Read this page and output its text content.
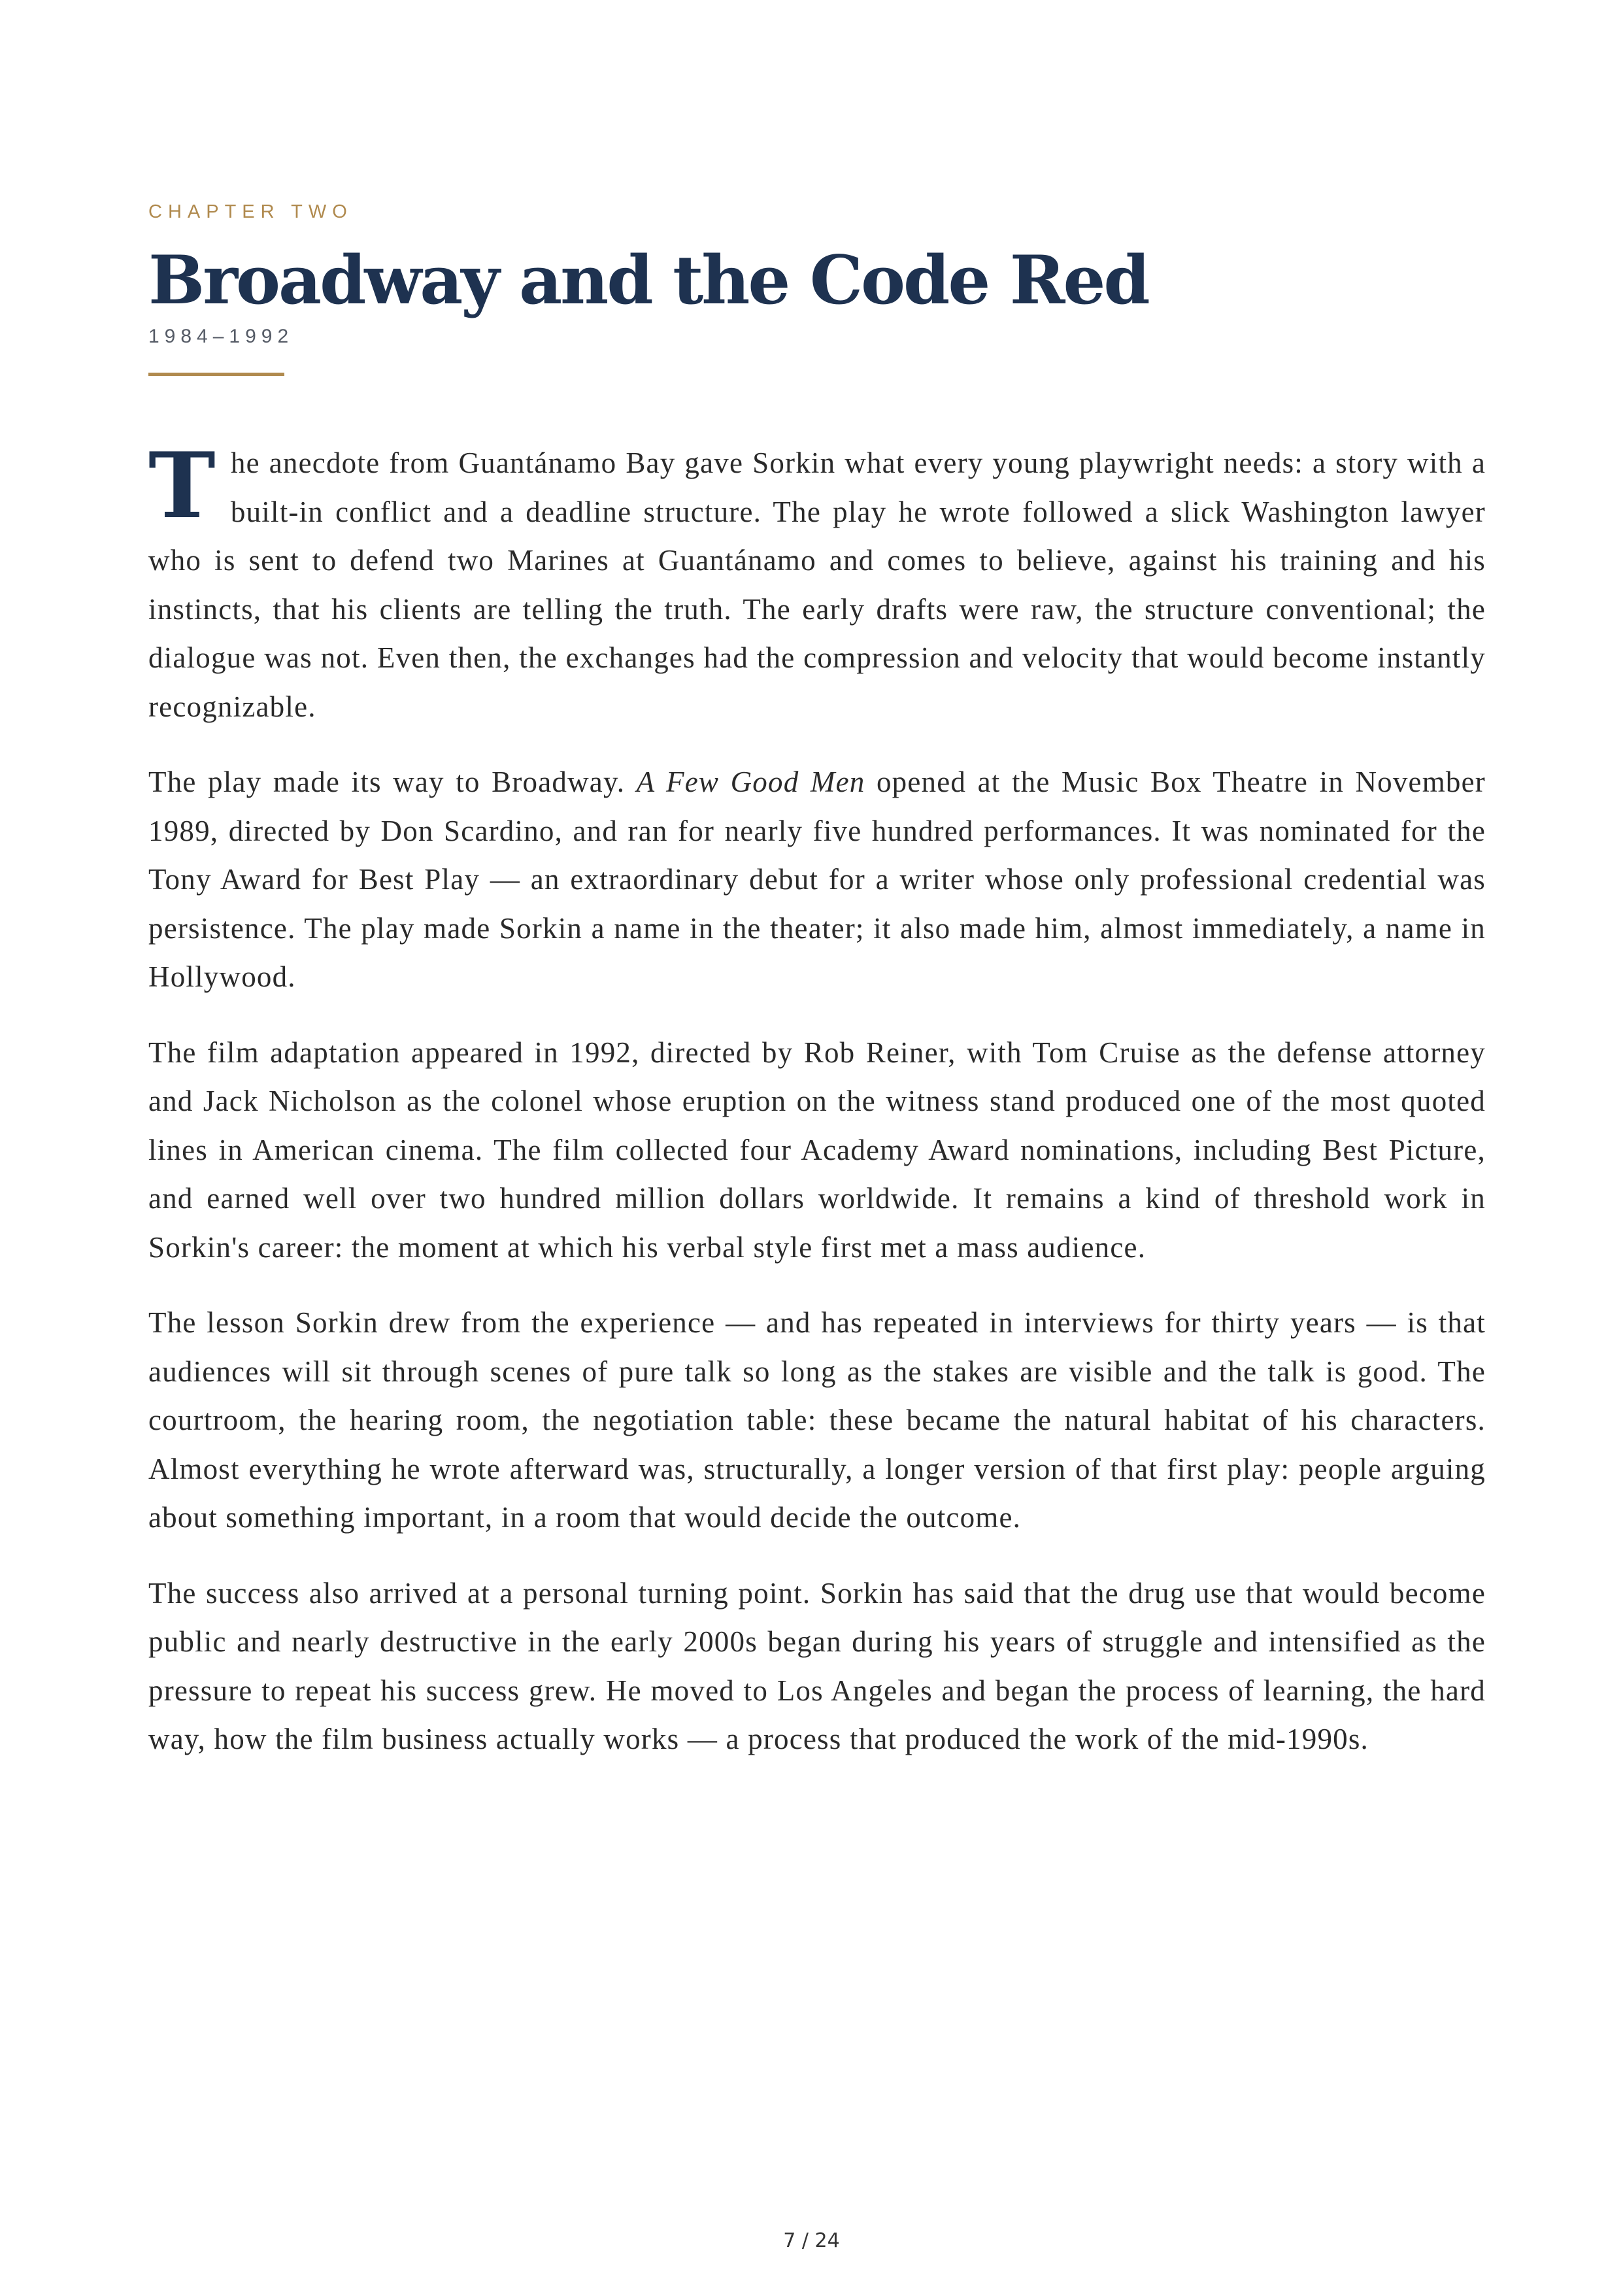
CHAPTER TWO

Broadway and the Code Red

1984–1992

The anecdote from Guantánamo Bay gave Sorkin what every young playwright needs: a story with a built-in conflict and a deadline structure. The play he wrote followed a slick Washington lawyer who is sent to defend two Marines at Guantánamo and comes to believe, against his training and his instincts, that his clients are telling the truth. The early drafts were raw, the structure conventional; the dialogue was not. Even then, the exchanges had the compression and velocity that would become instantly recognizable.

The play made its way to Broadway. A Few Good Men opened at the Music Box Theatre in November 1989, directed by Don Scardino, and ran for nearly five hundred performances. It was nominated for the Tony Award for Best Play — an extraordinary debut for a writer whose only professional credential was persistence. The play made Sorkin a name in the theater; it also made him, almost immediately, a name in Hollywood.

The film adaptation appeared in 1992, directed by Rob Reiner, with Tom Cruise as the defense attorney and Jack Nicholson as the colonel whose eruption on the witness stand produced one of the most quoted lines in American cinema. The film collected four Academy Award nominations, including Best Picture, and earned well over two hundred million dollars worldwide. It remains a kind of threshold work in Sorkin's career: the moment at which his verbal style first met a mass audience.

The lesson Sorkin drew from the experience — and has repeated in interviews for thirty years — is that audiences will sit through scenes of pure talk so long as the stakes are visible and the talk is good. The courtroom, the hearing room, the negotiation table: these became the natural habitat of his characters. Almost everything he wrote afterward was, structurally, a longer version of that first play: people arguing about something important, in a room that would decide the outcome.

The success also arrived at a personal turning point. Sorkin has said that the drug use that would become public and nearly destructive in the early 2000s began during his years of struggle and intensified as the pressure to repeat his success grew. He moved to Los Angeles and began the process of learning, the hard way, how the film business actually works — a process that produced the work of the mid-1990s.

7 / 24
